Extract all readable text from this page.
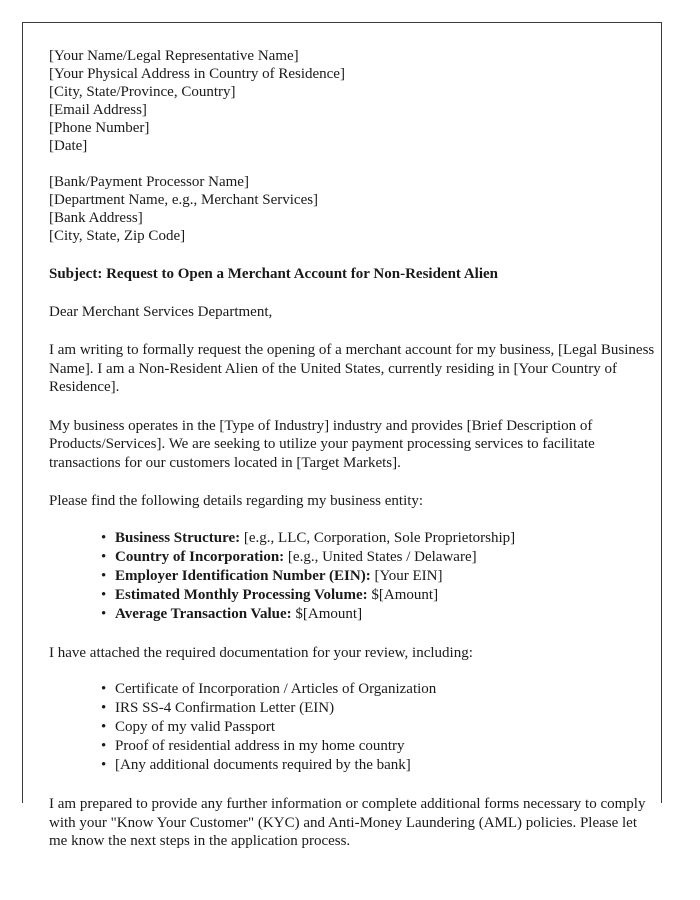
[Your Name/Legal Representative Name]
[Your Physical Address in Country of Residence]
[City, State/Province, Country]
[Email Address]
[Phone Number]
[Date]
[Bank/Payment Processor Name]
[Department Name, e.g., Merchant Services]
[Bank Address]
[City, State, Zip Code]
Subject: Request to Open a Merchant Account for Non-Resident Alien
Dear Merchant Services Department,

I am writing to formally request the opening of a merchant account for my business, [Legal Business Name]. I am a Non-Resident Alien of the United States, currently residing in [Your Country of Residence].

My business operates in the [Type of Industry] industry and provides [Brief Description of Products/Services]. We are seeking to utilize your payment processing services to facilitate transactions for our customers located in [Target Markets].

Please find the following details regarding my business entity:

• Business Structure: [e.g., LLC, Corporation, Sole Proprietorship]
• Country of Incorporation: [e.g., United States / Delaware]
• Employer Identification Number (EIN): [Your EIN]
• Estimated Monthly Processing Volume: $[Amount]
• Average Transaction Value: $[Amount]

I have attached the required documentation for your review, including:

• Certificate of Incorporation / Articles of Organization
• IRS SS-4 Confirmation Letter (EIN)
• Copy of my valid Passport
• Proof of residential address in my home country
• [Any additional documents required by the bank]

I am prepared to provide any further information or complete additional forms necessary to comply with your "Know Your Customer" (KYC) and Anti-Money Laundering (AML) policies. Please let me know the next steps in the application process.
